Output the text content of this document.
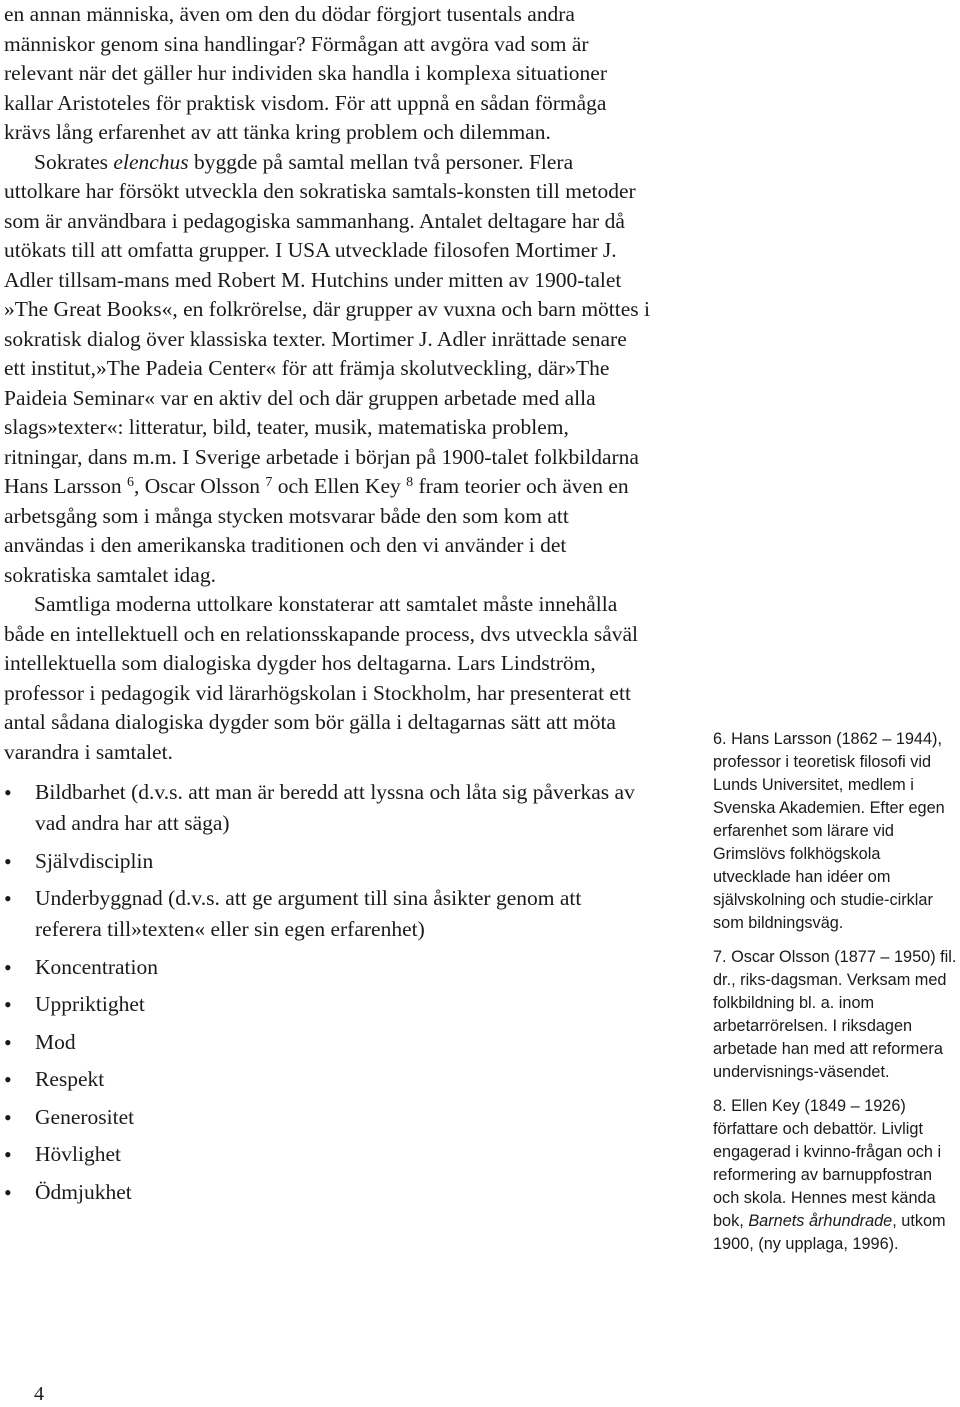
en annan människa, även om den du dödar förgjort tusentals andra människor genom sina handlingar? Förmågan att avgöra vad som är relevant när det gäller hur individen ska handla i komplexa situationer kallar Aristoteles för praktisk visdom. För att uppnå en sådan förmåga krävs lång erfarenhet av att tänka kring problem och dilemman.

Sokrates elenchus byggde på samtal mellan två personer. Flera uttolkare har försökt utveckla den sokratiska samtals-konsten till metoder som är användbara i pedagogiska sammanhang. Antalet deltagare har då utökats till att omfatta grupper. I USA utvecklade filosofen Mortimer J. Adler tillsam-mans med Robert M. Hutchins under mitten av 1900-talet »The Great Books«, en folkrörelse, där grupper av vuxna och barn möttes i sokratisk dialog över klassiska texter. Mortimer J. Adler inrättade senare ett institut,»The Padeia Center« för att främja skolutveckling, där»The Paideia Seminar« var en aktiv del och där gruppen arbetade med alla slags»texter«: litteratur, bild, teater, musik, matematiska problem, ritningar, dans m.m. I Sverige arbetade i början på 1900-talet folkbildarna Hans Larsson $^6$, Oscar Olsson $^7$ och Ellen Key $^8$ fram teorier och även en arbetsgång som i många stycken motsvarar både den som kom att användas i den amerikanska traditionen och den vi använder i det sokratiska samtalet idag.

Samtliga moderna uttolkare konstaterar att samtalet måste innehålla både en intellektuell och en relationsskapande process, dvs utveckla såväl intellektuella som dialogiska dygder hos deltagarna. Lars Lindström, professor i pedagogik vid lärarhögskolan i Stockholm, har presenterat ett antal sådana dialogiska dygder som bör gälla i deltagarnas sätt att möta varandra i samtalet.

• Bildbarhet (d.v.s. att man är beredd att lyssna och låta sig påverkas av vad andra har att säga)
• Självdisciplin
• Underbyggnad (d.v.s. att ge argument till sina åsikter genom att referera till»texten« eller sin egen erfarenhet)
• Koncentration
• Uppriktighet
• Mod
• Respekt
• Generositet
• Hövlighet
• Ödmjukhet

6. Hans Larsson (1862 – 1944), professor i teoretisk filosofi vid Lunds Universitet, medlem i Svenska Akademien. Efter egen erfarenhet som lärare vid Grimslövs folkhögskola utvecklade han idéer om självskolning och studie-cirklar som bildningsväg.

7. Oscar Olsson (1877 – 1950) fil. dr., riks-dagsman. Verksam med folkbildning bl. a. inom arbetarrörelsen. I riksdagen arbetade han med att reformera undervisnings-väsendet.

8. Ellen Key (1849 – 1926) författare och debattör. Livligt engagerad i kvinno-frågan och i reformering av barnuppfostran och skola. Hennes mest kända bok, Barnets århundrade, utkom 1900, (ny upplaga, 1996).

4
